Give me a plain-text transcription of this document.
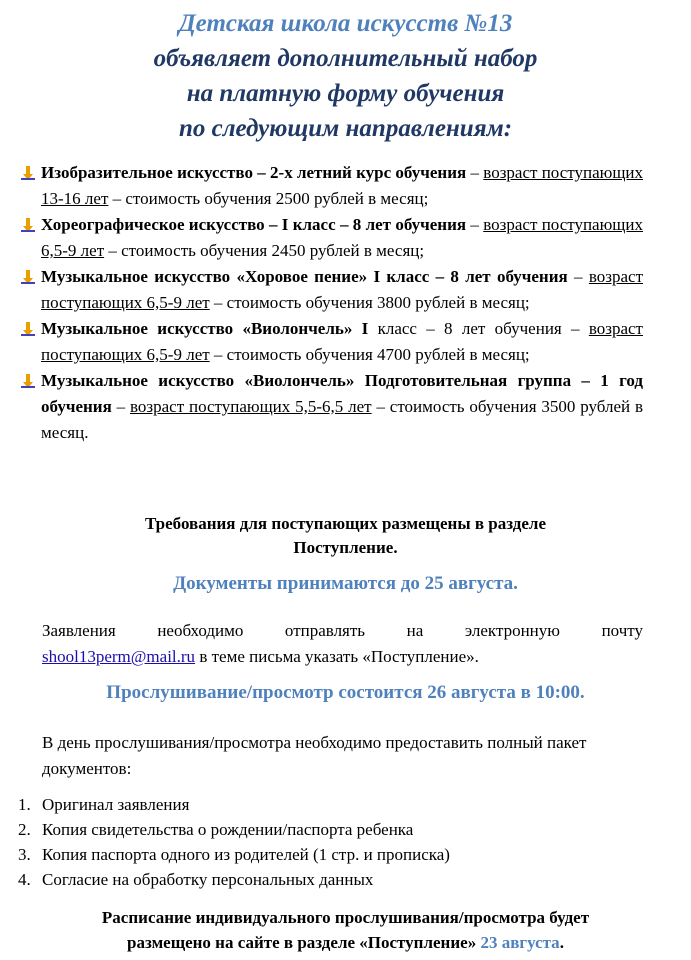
Детская школа искусств №13
объявляет дополнительный набор
на платную форму обучения
по следующим направлениям:

Изобразительное искусство – 2-х летний курс обучения – возраст поступающих 13-16 лет – стоимость обучения 2500 рублей в месяц;

Хореографическое искусство – I класс – 8 лет обучения – возраст поступающих 6,5-9 лет – стоимость обучения 2450 рублей в месяц;

Музыкальное искусство «Хоровое пение» I класс – 8 лет обучения – возраст поступающих 6,5-9 лет – стоимость обучения 3800 рублей в месяц;

Музыкальное искусство «Виолончель» I класс – 8 лет обучения – возраст поступающих 6,5-9 лет – стоимость обучения 4700 рублей в месяц;

Музыкальное искусство «Виолончель» Подготовительная группа – 1 год обучения – возраст поступающих 5,5-6,5 лет – стоимость обучения 3500 рублей в месяц.

Требования для поступающих размещены в разделе
Поступление.
Документы принимаются до 25 августа.
Заявления необходимо отправлять на электронную почту
shool13perm@mail.ru в теме письма указать «Поступление».
Прослушивание/просмотр состоится 26 августа в 10:00.
В день прослушивания/просмотра необходимо предоставить полный пакет документов:
1. Оригинал заявления
2. Копия свидетельства о рождении/паспорта ребенка
3. Копия паспорта одного из родителей (1 стр. и прописка)
4. Согласие на обработку персональных данных
Расписание индивидуального прослушивания/просмотра будет
размещено на сайте в разделе «Поступление» 23 августа.
